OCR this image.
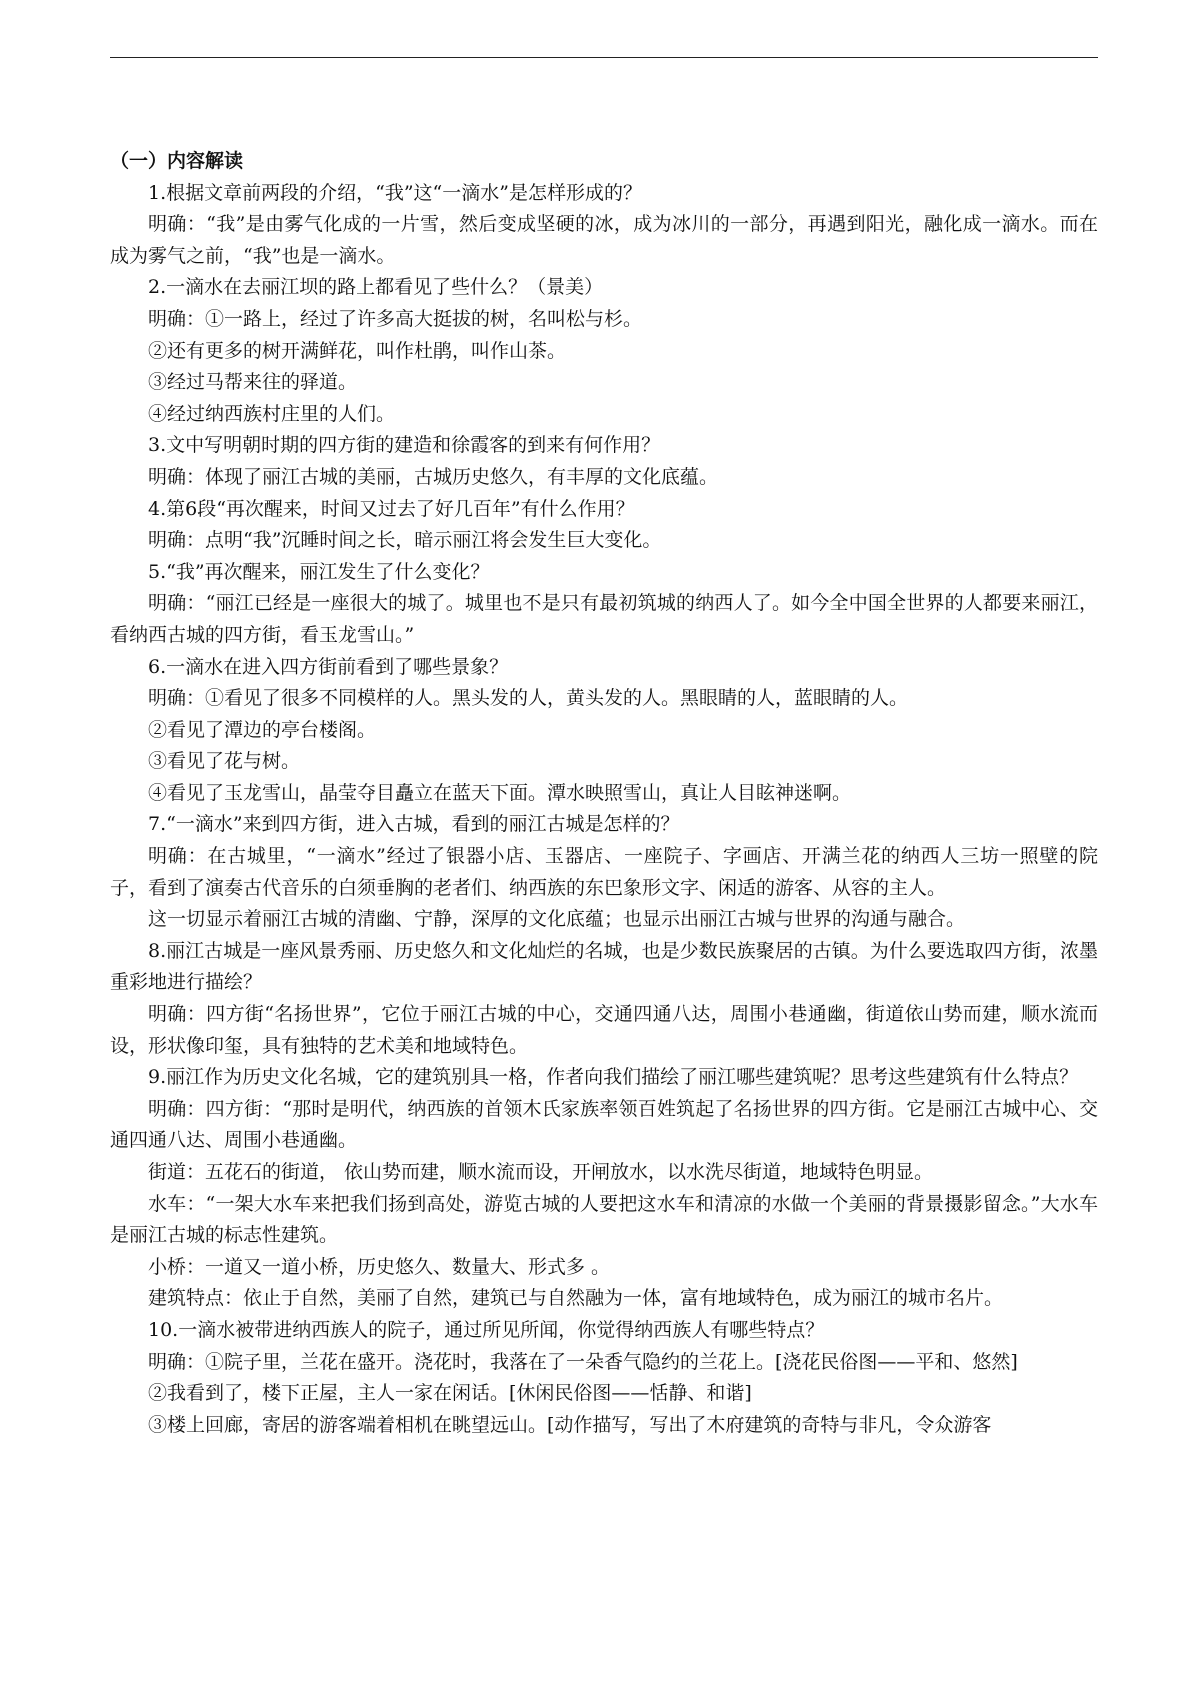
（一）内容解读

1.根据文章前两段的介绍，“我”这“一滴水”是怎样形成的？

明确：“我”是由雾气化成的一片雪，然后变成坚硬的冰，成为冰川的一部分，再遇到阳光，融化成一滴水。而在成为雾气之前，“我”也是一滴水。

2.一滴水在去丽江坝的路上都看见了些什么？（景美）

明确：①一路上，经过了许多高大挺拔的树，名叫松与杉。

②还有更多的树开满鲜花，叫作杜鹃，叫作山茶。

③经过马帮来往的驿道。

④经过纳西族村庄里的人们。

3.文中写明朝时期的四方街的建造和徐霞客的到来有何作用？

明确：体现了丽江古城的美丽，古城历史悠久，有丰厚的文化底蕴。

4.第6段“再次醒来，时间又过去了好几百年”有什么作用？

明确：点明“我”沉睡时间之长，暗示丽江将会发生巨大变化。

5.“我”再次醒来，丽江发生了什么变化？

明确：“丽江已经是一座很大的城了。城里也不是只有最初筑城的纳西人了。如今全中国全世界的人都要来丽江，看纳西古城的四方街，看玉龙雪山。”

6.一滴水在进入四方街前看到了哪些景象？

明确：①看见了很多不同模样的人。黑头发的人，黄头发的人。黑眼睛的人，蓝眼睛的人。

②看见了潭边的亭台楼阁。

③看见了花与树。

④看见了玉龙雪山，晶莹夺目矗立在蓝天下面。潭水映照雪山，真让人目眩神迷啊。

7.“一滴水”来到四方街，进入古城，看到的丽江古城是怎样的？

明确：在古城里，“一滴水”经过了银器小店、玉器店、一座院子、字画店、开满兰花的纳西人三坊一照壁的院子，看到了演奏古代音乐的白须垂胸的老者们、纳西族的东巴象形文字、闲适的游客、从容的主人。

这一切显示着丽江古城的清幽、宁静，深厚的文化底蕴；也显示出丽江古城与世界的沟通与融合。

8.丽江古城是一座风景秀丽、历史悠久和文化灿烂的名城，也是少数民族聚居的古镇。为什么要选取四方街，浓墨重彩地进行描绘？

明确：四方街“名扬世界”，它位于丽江古城的中心，交通四通八达，周围小巷通幽，街道依山势而建，顺水流而设，形状像印玺，具有独特的艺术美和地域特色。

9.丽江作为历史文化名城，它的建筑别具一格，作者向我们描绘了丽江哪些建筑呢？思考这些建筑有什么特点？

明确：四方街：“那时是明代，纳西族的首领木氏家族率领百姓筑起了名扬世界的四方街。它是丽江古城中心、交通四通八达、周围小巷通幽。

街道：五花石的街道， 依山势而建，顺水流而设，开闸放水，以水洗尽街道，地域特色明显。

水车：“一架大水车来把我们扬到高处，游览古城的人要把这水车和清凉的水做一个美丽的背景摄影留念。”大水车是丽江古城的标志性建筑。

小桥：一道又一道小桥，历史悠久、数量大、形式多 。

建筑特点：依止于自然，美丽了自然，建筑已与自然融为一体，富有地域特色，成为丽江的城市名片。

10.一滴水被带进纳西族人的院子，通过所见所闻，你觉得纳西族人有哪些特点？

明确：①院子里，兰花在盛开。浇花时，我落在了一朵香气隐约的兰花上。[浇花民俗图——平和、悠然]

②我看到了，楼下正屋，主人一家在闲话。[休闲民俗图——恬静、和谐]

③楼上回廊，寄居的游客端着相机在眺望远山。[动作描写，写出了木府建筑的奇特与非凡，令众游客
